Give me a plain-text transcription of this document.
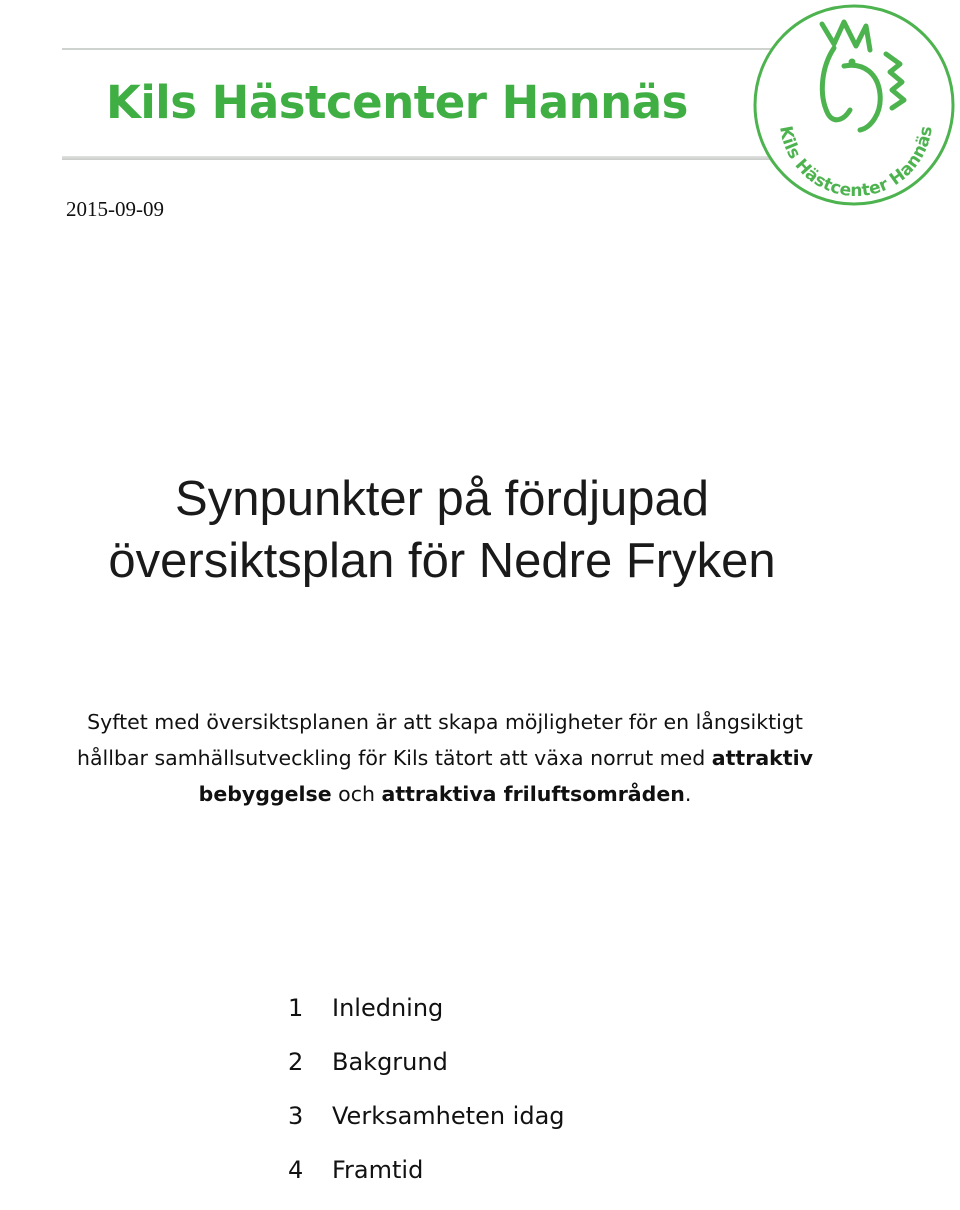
Kils Hästcenter Hannäs
Kils Hästcenter Hannäs

2015-09-09

Synpunkter på fördjupad
översiktsplan för Nedre Fryken

Syftet med översiktsplanen är att skapa möjligheter för en långsiktigt
hållbar samhällsutveckling för Kils tätort att växa norrut med attraktiv
bebyggelse och attraktiva friluftsområden.

1	Inledning
2	Bakgrund
3	Verksamheten idag
4	Framtid
